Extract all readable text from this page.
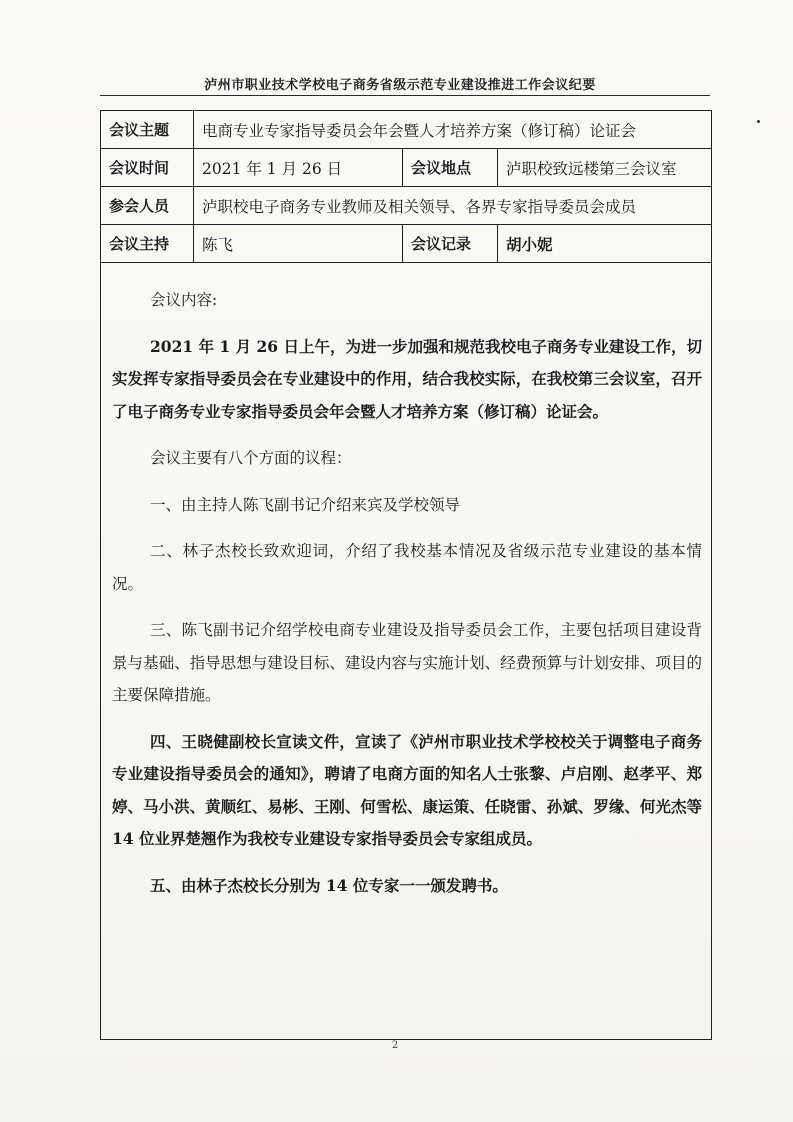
泸州市职业技术学校电子商务省级示范专业建设推进工作会议纪要
会议主题	电商专业专家指导委员会年会暨人才培养方案（修订稿）论证会		
会议时间	2021 年 1 月 26 日	会议地点	泸职校致远楼第三会议室
参会人员	泸职校电子商务专业教师及相关领导、各界专家指导委员会成员		
会议主持	陈飞	会议记录	胡小妮

会议内容:

2021 年 1 月 26 日上午，为进一步加强和规范我校电子商务专业建设工作，切实发挥专家指导委员会在专业建设中的作用，结合我校实际，在我校第三会议室，召开了电子商务专业专家指导委员会年会暨人才培养方案（修订稿）论证会。

会议主要有八个方面的议程：

一、由主持人陈飞副书记介绍来宾及学校领导

二、林子杰校长致欢迎词，介绍了我校基本情况及省级示范专业建设的基本情况。

三、陈飞副书记介绍学校电商专业建设及指导委员会工作，主要包括项目建设背景与基础、指导思想与建设目标、建设内容与实施计划、经费预算与计划安排、项目的主要保障措施。

四、王晓健副校长宣读文件，宣读了《泸州市职业技术学校校关于调整电子商务专业建设指导委员会的通知》，聘请了电商方面的知名人士张黎、卢启刚、赵孝平、郑婷、马小洪、黄顺红、易彬、王刚、何雪松、康运策、任晓雷、孙斌、罗缘、何光杰等 14 位业界楚翘作为我校专业建设专家指导委员会专家组成员。

五、由林子杰校长分别为 14 位专家一一颁发聘书。

2
